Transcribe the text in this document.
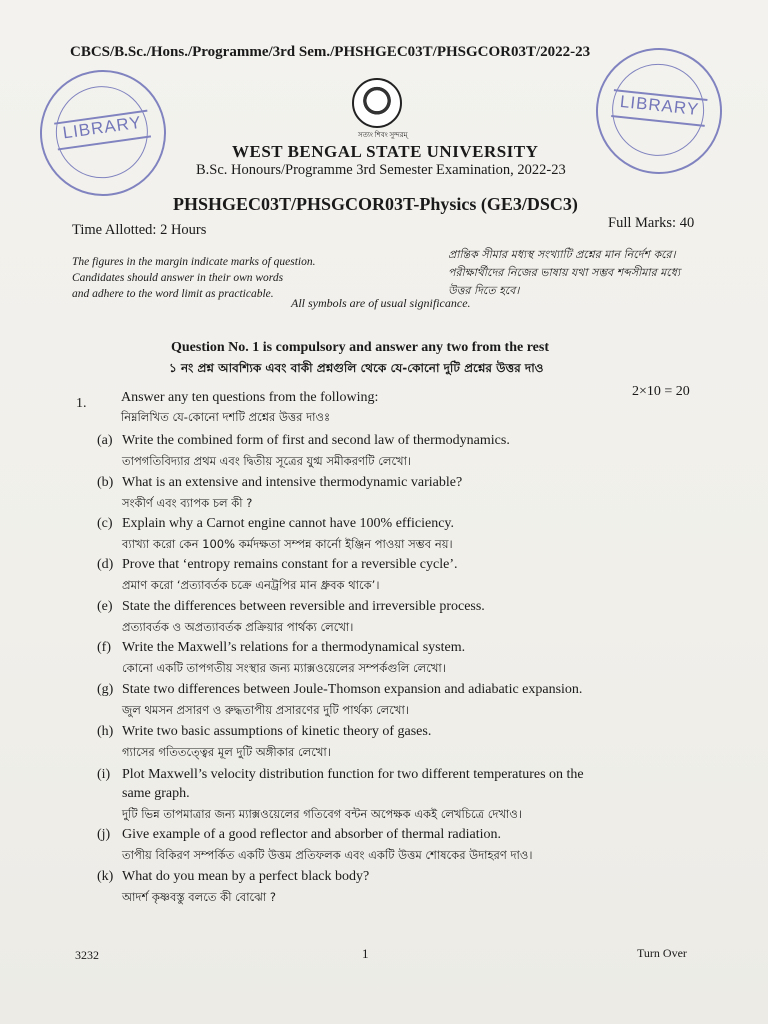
CBCS/B.Sc./Hons./Programme/3rd Sem./PHSHGEC03T/PHSGCOR03T/2022-23
LIBRARY
LIBRARY
সত্যং শিবং সুন্দরম্
WEST BENGAL STATE UNIVERSITY
B.Sc. Honours/Programme 3rd Semester Examination, 2022-23
PHSHGEC03T/PHSGCOR03T-Physics (GE3/DSC3)
Time Allotted: 2 Hours	Full Marks: 40
The figures in the margin indicate marks of question.
Candidates should answer in their own words
and adhere to the word limit as practicable.
প্রান্তিক সীমার মধ্যস্থ সংখ্যাটি প্রশ্নের মান নির্দেশ করে।
পরীক্ষার্থীদের নিজের ভাষায় যথা সম্ভব শব্দসীমার মধ্যে
উত্তর দিতে হবে।
All symbols are of usual significance.
Question No. 1 is compulsory and answer any two from the rest
১ নং প্রশ্ন আবশ্যিক এবং বাকী প্রশ্নগুলি থেকে যে-কোনো দুটি প্রশ্নের উত্তর দাও
1. Answer any ten questions from the following:
নিম্নলিখিত যে-কোনো দশটি প্রশ্নের উত্তর দাওঃ
2×10 = 20
(a) Write the combined form of first and second law of thermodynamics.
তাপগতিবিদ্যার প্রথম এবং দ্বিতীয় সূত্রের যুগ্ম সমীকরণটি লেখো।
(b) What is an extensive and intensive thermodynamic variable?
সংকীর্ণ এবং ব্যাপক চল কী ?
(c) Explain why a Carnot engine cannot have 100% efficiency.
ব্যাখ্যা করো কেন 100% কর্মদক্ষতা সম্পন্ন কার্নো ইঞ্জিন পাওয়া সম্ভব নয়।
(d) Prove that ‘entropy remains constant for a reversible cycle’.
প্রমাণ করো ‘প্রত্যাবর্তক চক্রে এনট্রপির মান ধ্রুবক থাকে’।
(e) State the differences between reversible and irreversible process.
প্রত্যাবর্তক ও অপ্রত্যাবর্তক প্রক্রিয়ার পার্থক্য লেখো।
(f) Write the Maxwell’s relations for a thermodynamical system.
কোনো একটি তাপগতীয় সংস্থার জন্য ম্যাক্সওয়েলের সম্পর্কগুলি লেখো।
(g) State two differences between Joule-Thomson expansion and adiabatic expansion.
জুল থমসন প্রসারণ ও রুদ্ধতাপীয় প্রসারণের দুটি পার্থক্য লেখো।
(h) Write two basic assumptions of kinetic theory of gases.
গ্যাসের গতিতত্ত্বের মূল দুটি অঙ্গীকার লেখো।
(i) Plot Maxwell’s velocity distribution function for two different temperatures on the
same graph.
দুটি ভিন্ন তাপমাত্রার জন্য ম্যাক্সওয়েলের গতিবেগ বন্টন অপেক্ষক একই লেখচিত্রে দেখাও।
(j) Give example of a good reflector and absorber of thermal radiation.
তাপীয় বিকিরণ সম্পর্কিত একটি উত্তম প্রতিফলক এবং একটি উত্তম শোষকের উদাহরণ দাও।
(k) What do you mean by a perfect black body?
আদর্শ কৃষ্ণবস্তু বলতে কী বোঝো ?
3232	1	Turn Over
